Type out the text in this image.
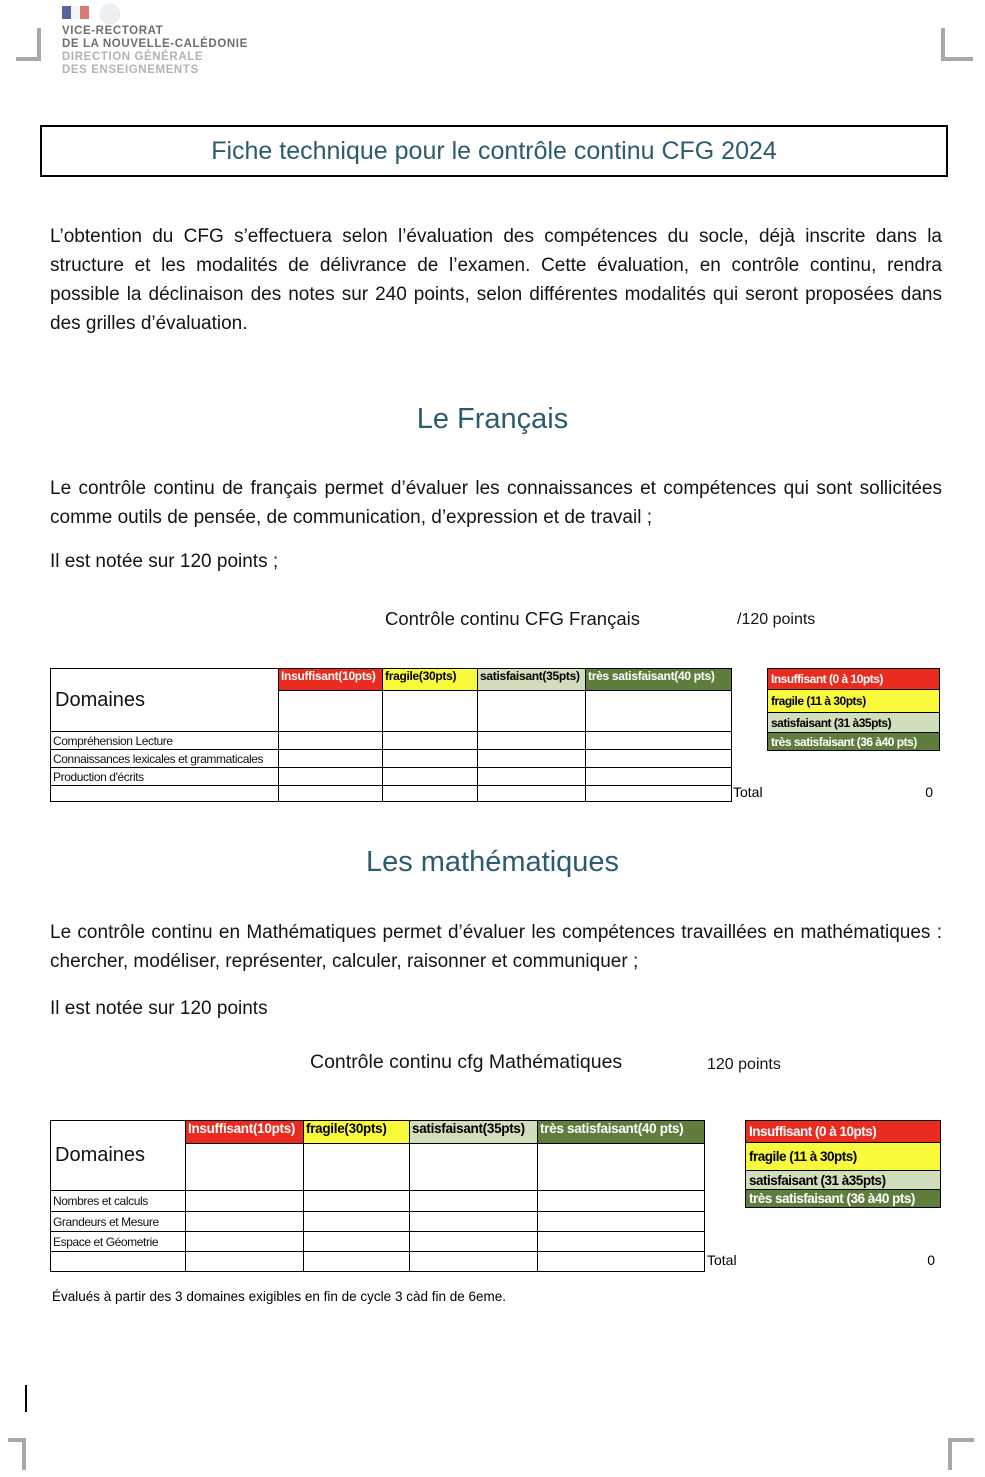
VICE-RECTORAT
DE LA NOUVELLE-CALÉDONIE
DIRECTION GÉNÉRALE
DES ENSEIGNEMENTS
Fiche technique pour le contrôle continu CFG 2024

L’obtention du CFG s’effectuera selon l’évaluation des compétences du socle, déjà inscrite dans la structure et les modalités de délivrance de l’examen. Cette évaluation, en contrôle continu, rendra possible la déclinaison des notes sur 240 points, selon différentes modalités qui seront proposées dans des grilles d’évaluation.

Le Français

Le contrôle continu de français permet d’évaluer les connaissances et compétences qui sont sollicitées comme outils de pensée, de communication, d’expression et de travail ;

Il est notée sur 120 points ;
Contrôle continu CFG Français	/120 points
Domaines	Insuffisant(10pts)	fragile(30pts)	satisfaisant(35pts)	très satisfaisant(40 pts)

Compréhension Lecture				
Connaissances lexicales et grammaticales				
Production d'écrits				

Insuffisant (0 à 10pts)
fragile (11 à 30pts)
satisfaisant (31 à35pts)
très satisfaisant (36 à40 pts)
Total	0
Les mathématiques

Le contrôle continu en Mathématiques permet d’évaluer les compétences travaillées en mathématiques : chercher, modéliser, représenter, calculer, raisonner et communiquer ;

Il est notée sur 120 points
Contrôle continu cfg Mathématiques	120 points
Domaines	Insuffisant(10pts)	fragile(30pts)	satisfaisant(35pts)	très satisfaisant(40 pts)

Nombres et calculs				
Grandeurs et Mesure				
Espace et Géometrie				

Insuffisant (0 à 10pts)
fragile (11 à 30pts)
satisfaisant (31 à35pts)
très satisfaisant (36 à40 pts)
Total	0
Évalués à partir des 3 domaines exigibles en fin de cycle 3 càd fin de 6eme.
